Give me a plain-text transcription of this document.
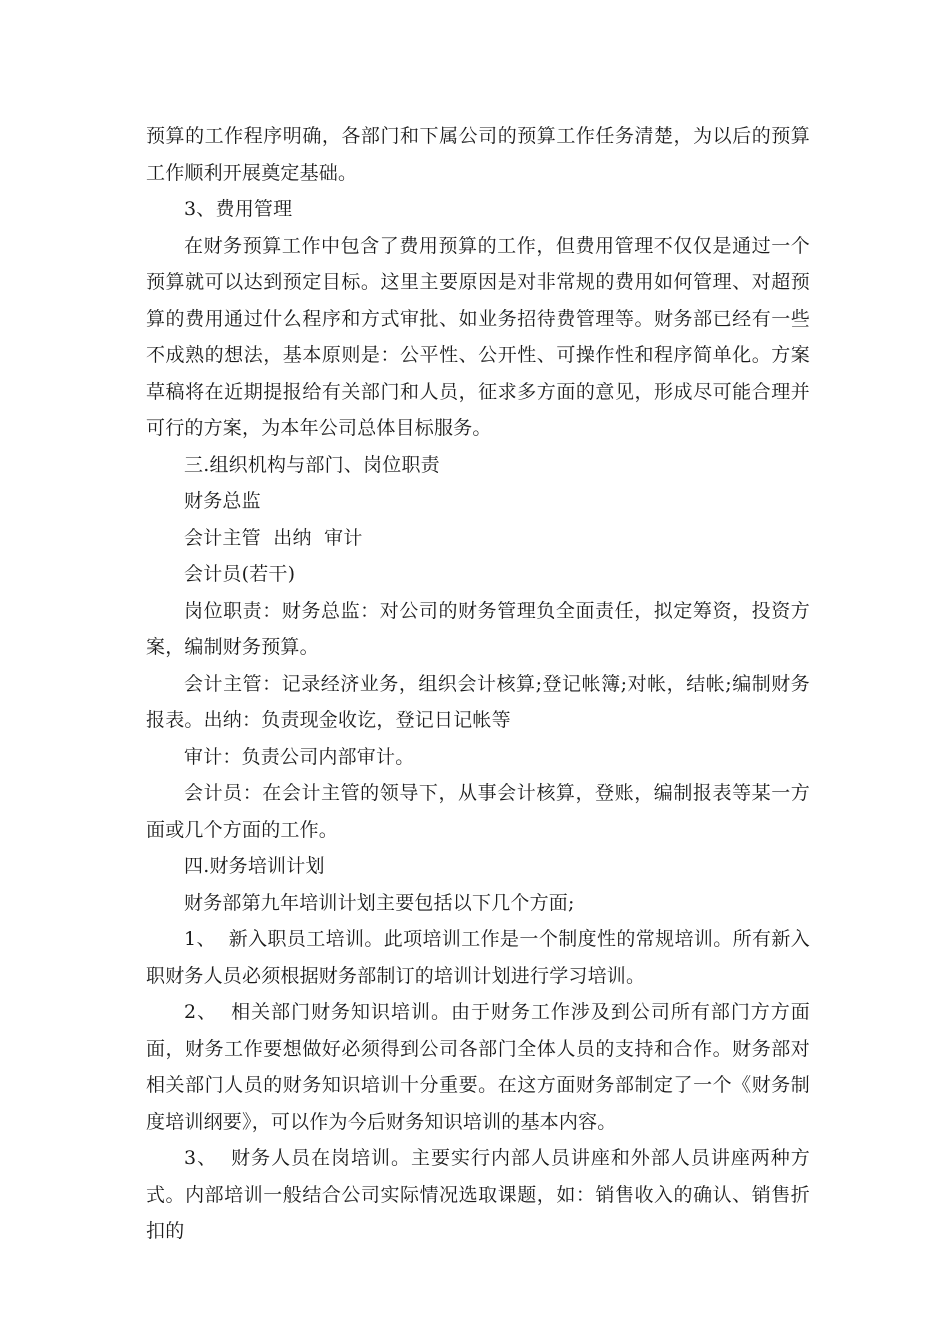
预算的工作程序明确，各部门和下属公司的预算工作任务清楚，为以后的预算工作顺利开展奠定基础。

3、费用管理

在财务预算工作中包含了费用预算的工作，但费用管理不仅仅是通过一个预算就可以达到预定目标。这里主要原因是对非常规的费用如何管理、对超预算的费用通过什么程序和方式审批、如业务招待费管理等。财务部已经有一些不成熟的想法，基本原则是：公平性、公开性、可操作性和程序简单化。方案草稿将在近期提报给有关部门和人员，征求多方面的意见，形成尽可能合理并可行的方案，为本年公司总体目标服务。

三.组织机构与部门、岗位职责

财务总监

会计主管  出纳  审计

会计员(若干)

岗位职责：财务总监：对公司的财务管理负全面责任，拟定筹资，投资方案，编制财务预算。

会计主管：记录经济业务，组织会计核算;登记帐簿;对帐，结帐;编制财务报表。出纳：负责现金收讫，登记日记帐等

审计：负责公司内部审计。

会计员：在会计主管的领导下，从事会计核算，登账，编制报表等某一方面或几个方面的工作。

四.财务培训计划

财务部第九年培训计划主要包括以下几个方面;

1、  新入职员工培训。此项培训工作是一个制度性的常规培训。所有新入职财务人员必须根据财务部制订的培训计划进行学习培训。

2、  相关部门财务知识培训。由于财务工作涉及到公司所有部门方方面面，财务工作要想做好必须得到公司各部门全体人员的支持和合作。财务部对相关部门人员的财务知识培训十分重要。在这方面财务部制定了一个《财务制度培训纲要》，可以作为今后财务知识培训的基本内容。

3、  财务人员在岗培训。主要实行内部人员讲座和外部人员讲座两种方式。内部培训一般结合公司实际情况选取课题，如：销售收入的确认、销售折扣的
